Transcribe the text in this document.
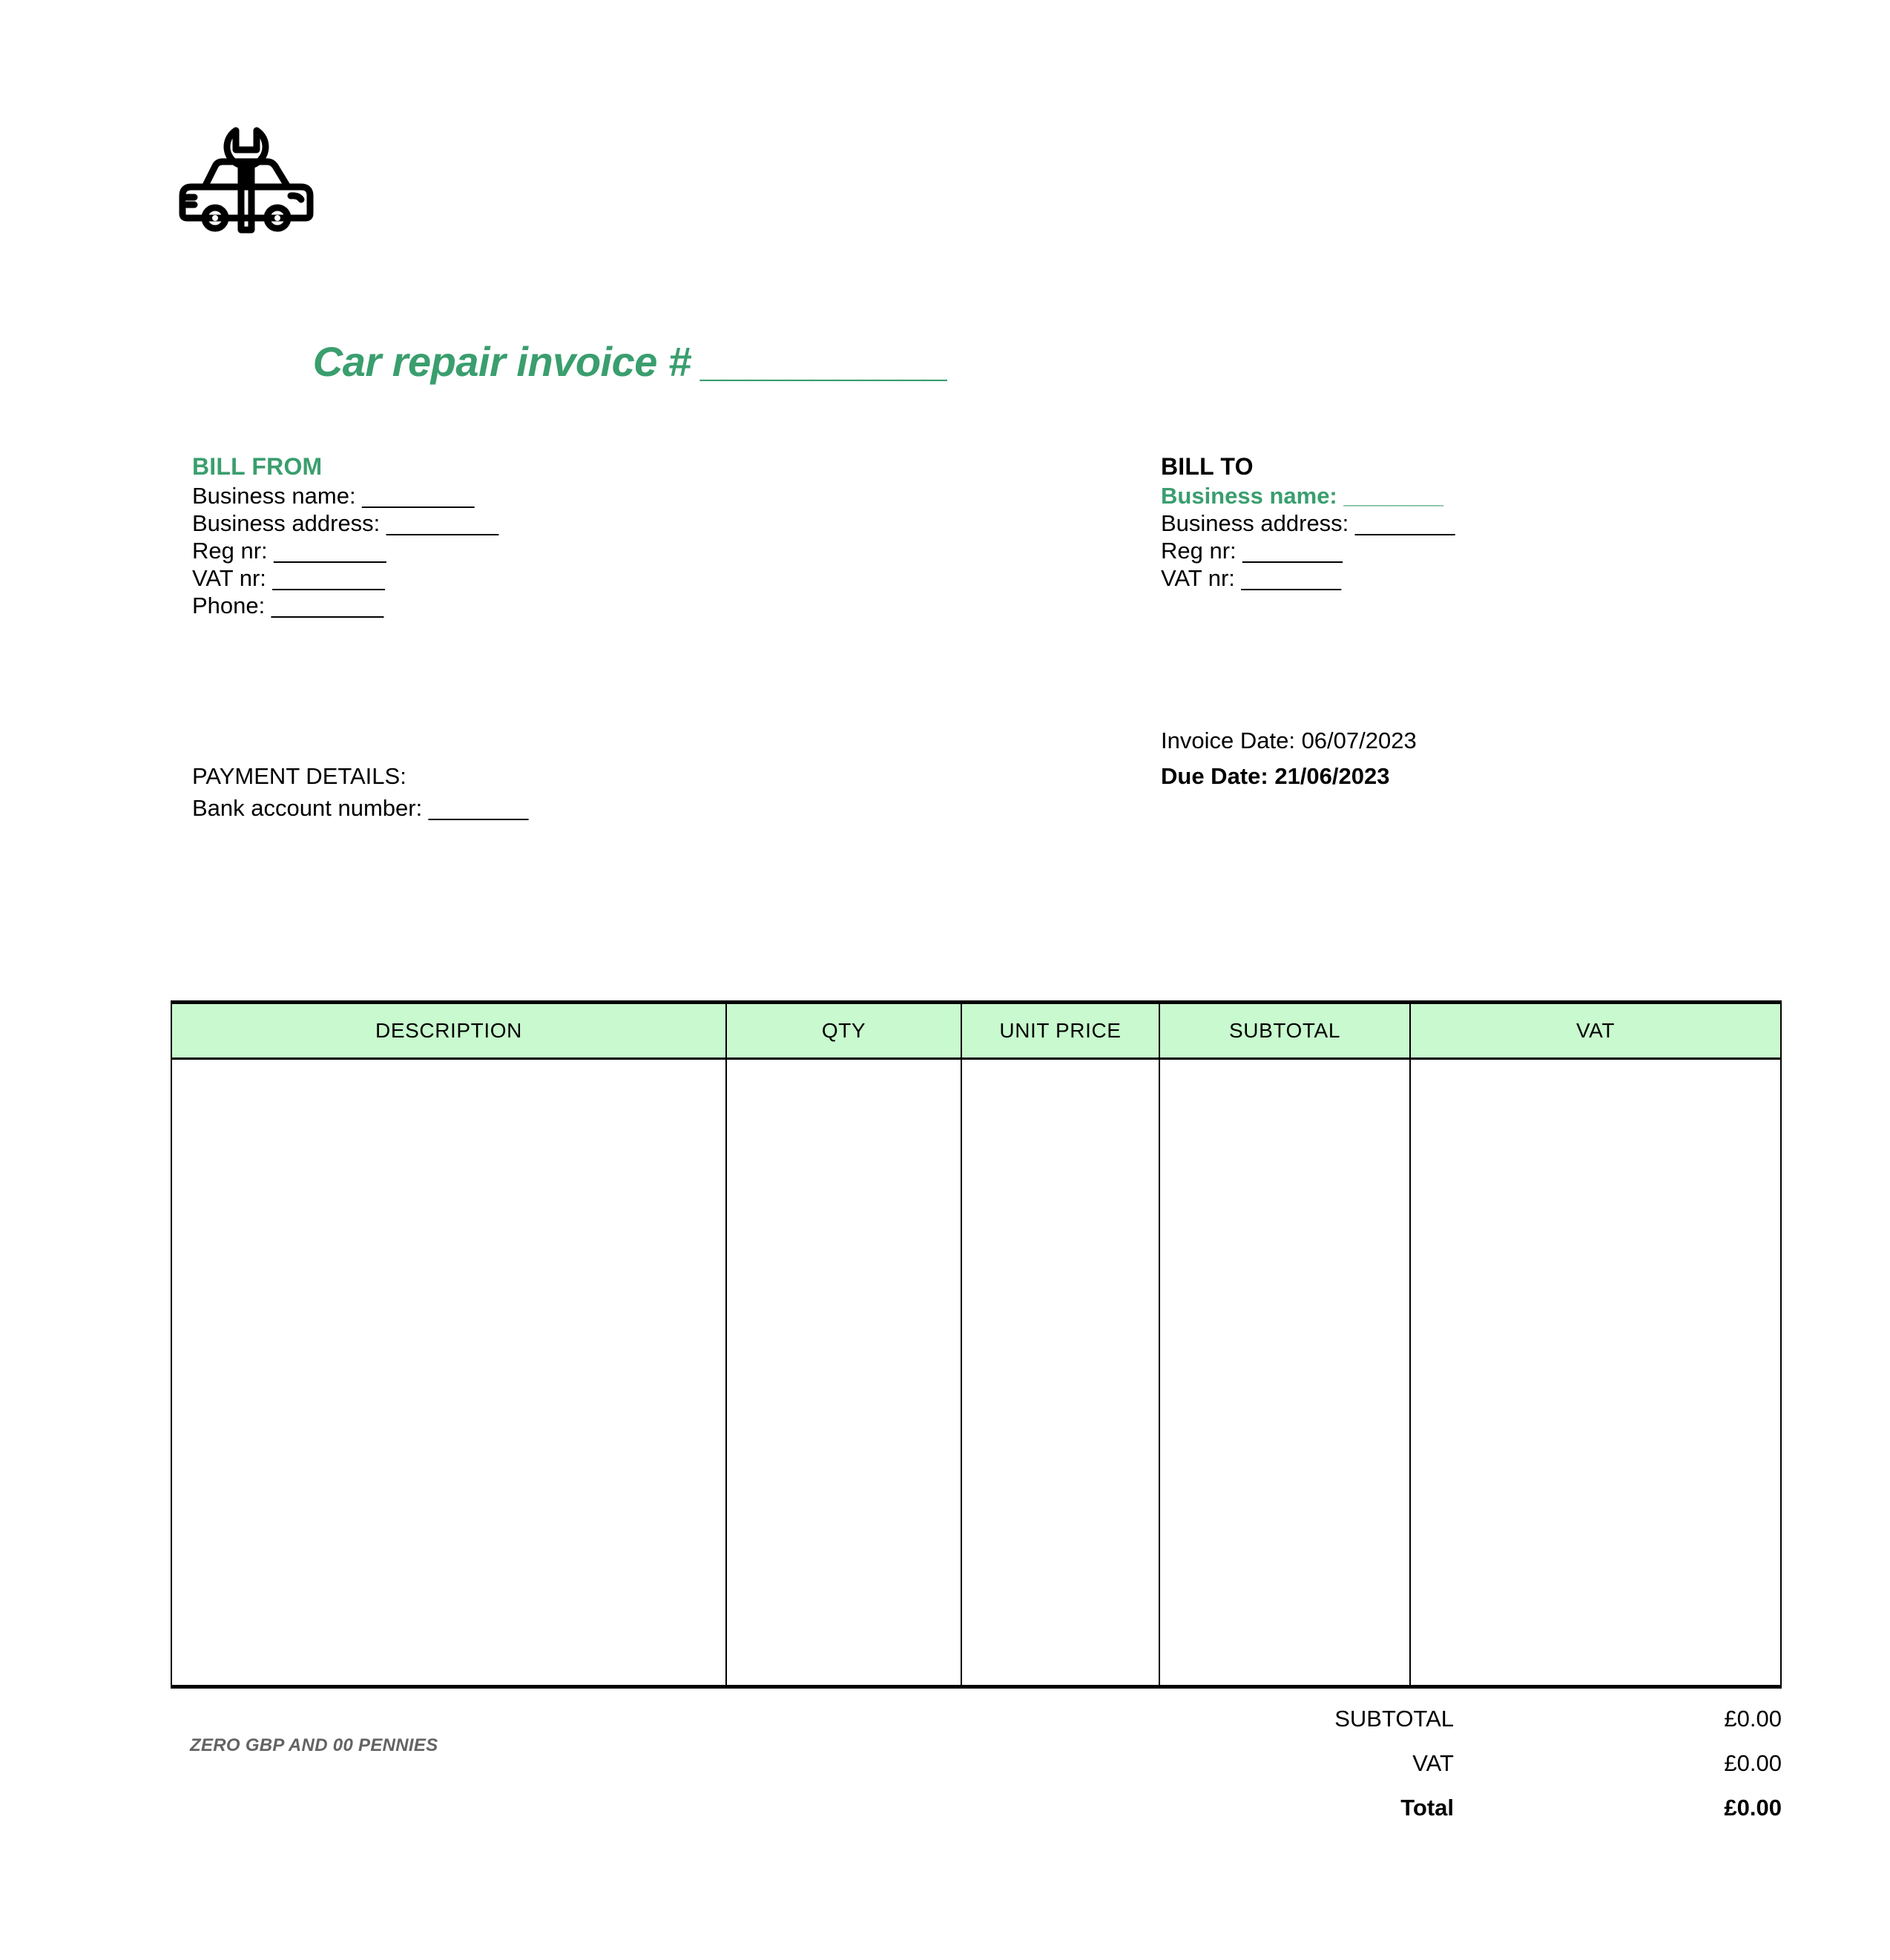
Car repair invoice # ___________
BILL FROM
Business name: _________
Business address: _________
Reg nr: _________
VAT nr: _________
Phone: _________
BILL TO
Business name: ________
Business address: ________
Reg nr: ________
VAT nr: ________
Invoice Date: 06/07/2023
Due Date: 21/06/2023
PAYMENT DETAILS:
Bank account number: ________
DESCRIPTION	QTY	UNIT PRICE	SUBTOTAL	VAT

ZERO GBP AND 00 PENNIES
SUBTOTAL	£0.00
VAT	£0.00
Total	£0.00
